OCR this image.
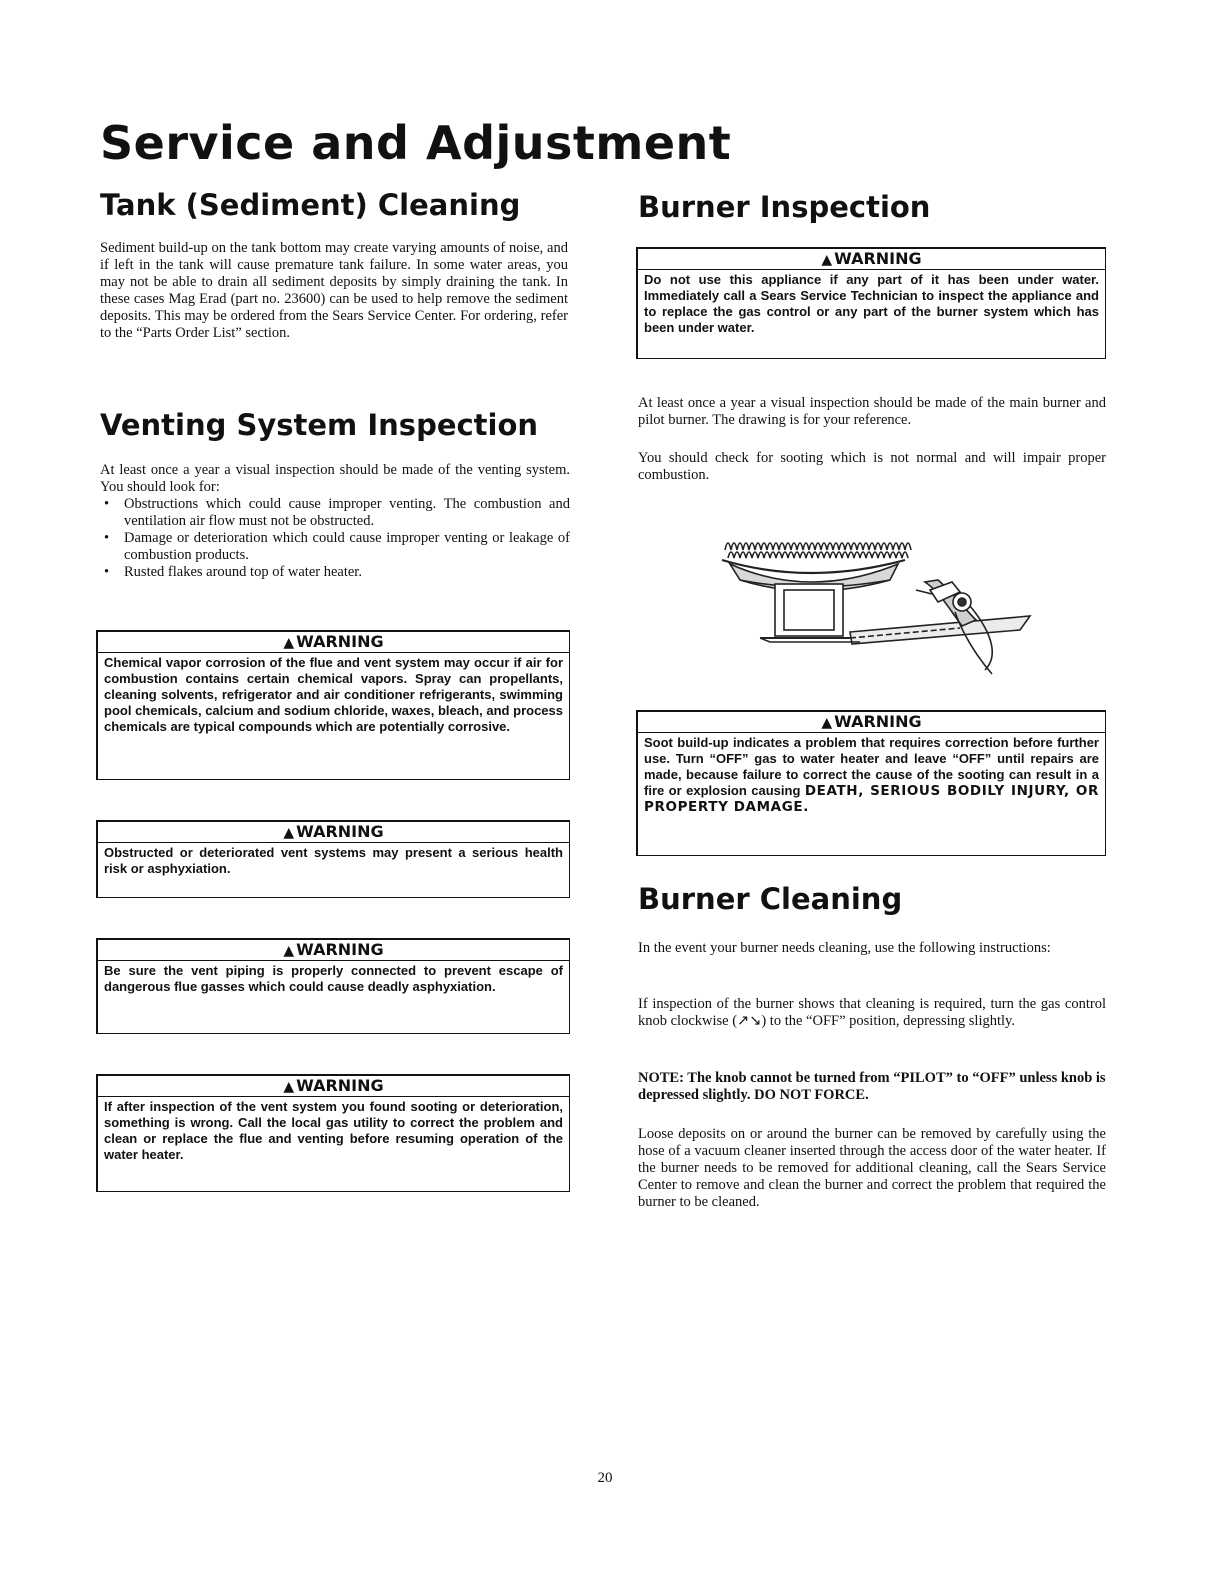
Service and Adjustment
Tank (Sediment) Cleaning

Sediment build-up on the tank bottom may create varying amounts of noise, and if left in the tank will cause premature tank failure. In some water areas, you may not be able to drain all sediment deposits by simply draining the tank. In these cases Mag Erad (part no. 23600) can be used to help remove the sediment deposits. This may be ordered from the Sears Service Center. For ordering, refer to the “Parts Order List” section.

Venting System Inspection

At least once a year a visual inspection should be made of the venting system. You should look for:

• Obstructions which could cause improper venting. The combustion and ventilation air flow must not be obstructed.
• Damage or deterioration which could cause improper venting or leakage of combustion products.
• Rusted flakes around top of water heater.
▲ WARNING
Chemical vapor corrosion of the flue and vent system may occur if air for combustion contains certain chemical vapors. Spray can propellants, cleaning solvents, refrigerator and air conditioner refrigerants, swimming pool chemicals, calcium and sodium chloride, waxes, bleach, and process chemicals are typical compounds which are potentially corrosive.
▲ WARNING
Obstructed or deteriorated vent systems may present a serious health risk or asphyxiation.
▲ WARNING
Be sure the vent piping is properly connected to prevent escape of dangerous flue gasses which could cause deadly asphyxiation.
▲ WARNING
If after inspection of the vent system you found sooting or deterioration, something is wrong. Call the local gas utility to correct the problem and clean or replace the flue and venting before resuming operation of the water heater.
Burner Inspection
▲ WARNING
Do not use this appliance if any part of it has been under water. Immediately call a Sears Service Technician to inspect the appliance and to replace the gas control or any part of the burner system which has been under water.

At least once a year a visual inspection should be made of the main burner and pilot burner. The drawing is for your reference.

You should check for sooting which is not normal and will impair proper combustion.

▲ WARNING
Soot build-up indicates a problem that requires correction before further use. Turn “OFF” gas to water heater and leave “OFF” until repairs are made, because failure to correct the cause of the sooting can result in a fire or explosion causing DEATH, SERIOUS BODILY INJURY, OR PROPERTY DAMAGE.
Burner Cleaning

In the event your burner needs cleaning, use the following instructions:

If inspection of the burner shows that cleaning is required, turn the gas control knob clockwise (↗↘) to the “OFF” position, depressing slightly.

NOTE: The knob cannot be turned from “PILOT” to “OFF” unless knob is depressed slightly. DO NOT FORCE.

Loose deposits on or around the burner can be removed by carefully using the hose of a vacuum cleaner inserted through the access door of the water heater. If the burner needs to be removed for additional cleaning, call the Sears Service Center to remove and clean the burner and correct the problem that required the burner to be cleaned.

20
